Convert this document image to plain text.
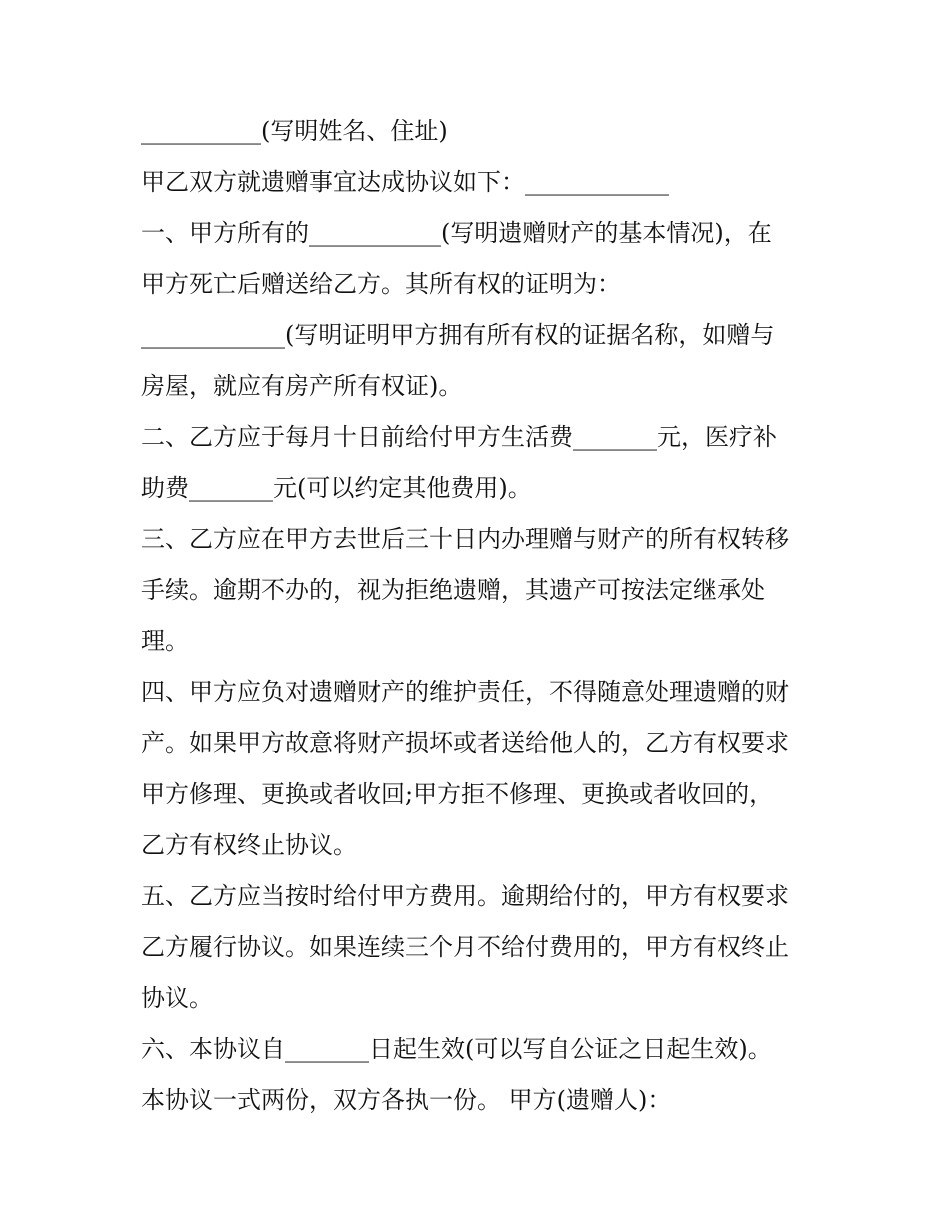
__________(写明姓名、住址)

甲乙双方就遗赠事宜达成协议如下：____________

一、甲方所有的___________(写明遗赠财产的基本情况)，在

甲方死亡后赠送给乙方。其所有权的证明为：

____________(写明证明甲方拥有所有权的证据名称，如赠与

房屋，就应有房产所有权证)。

二、乙方应于每月十日前给付甲方生活费_______元，医疗补

助费_______元(可以约定其他费用)。

三、乙方应在甲方去世后三十日内办理赠与财产的所有权转移

手续。逾期不办的，视为拒绝遗赠，其遗产可按法定继承处

理。

四、甲方应负对遗赠财产的维护责任，不得随意处理遗赠的财

产。如果甲方故意将财产损坏或者送给他人的，乙方有权要求

甲方修理、更换或者收回;甲方拒不修理、更换或者收回的，

乙方有权终止协议。

五、乙方应当按时给付甲方费用。逾期给付的，甲方有权要求

乙方履行协议。如果连续三个月不给付费用的，甲方有权终止

协议。

六、本协议自_______日起生效(可以写自公证之日起生效)。

本协议一式两份，双方各执一份。 甲方(遗赠人)：
